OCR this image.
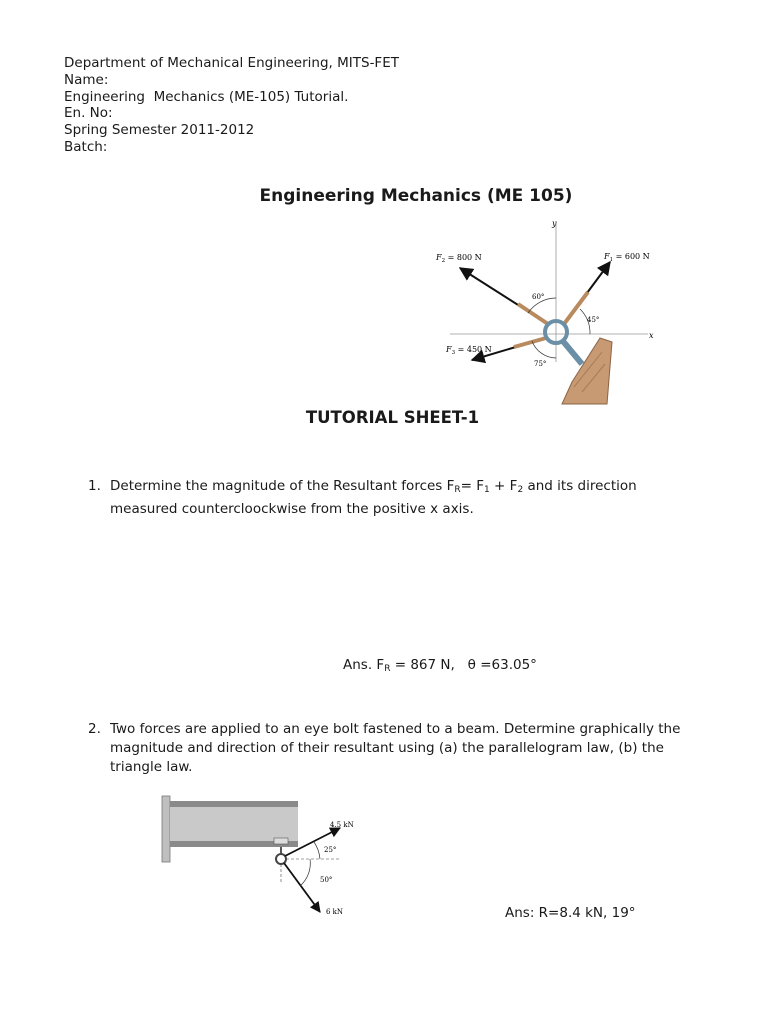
Department of Mechanical Engineering, MITS-FET
Name:
Engineering  Mechanics (ME-105) Tutorial.
En. No:
Spring Semester 2011-2012
Batch:
Engineering Mechanics (ME 105)
y
x
$F_2 = 800$ N	$F_1 = 600$ N
$F_3 = 450$ N
60°
45°
75°
TUTORIAL SHEET-1
1. Determine the magnitude of the Resultant forces $F_R= F_1 + F_2$ and its direction measured countercloockwise from the positive x axis.
Ans. $F_R = 867$ N,   θ =63.05°
2. Two forces are applied to an eye bolt fastened to a beam. Determine graphically the magnitude and direction of their resultant using (a) the parallelogram law, (b) the triangle law.
4.5 kN
25°
50°
6 kN	Ans: R=8.4 kN, 19°
